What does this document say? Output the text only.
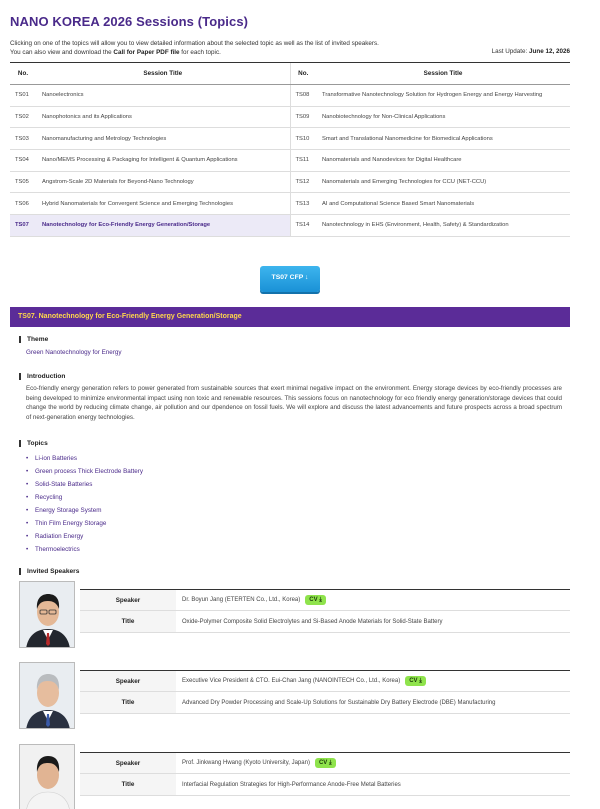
NANO KOREA 2026 Sessions (Topics)
Clicking on one of the topics will allow you to view detailed information about the selected topic as well as the list of invited speakers.
You can also view and download the Call for Paper PDF file for each topic.	Last Update: June 12, 2026
No.	Session Title	No.	Session Title
TS01	Nanoelectronics	TS08	Transformative Nanotechnology Solution for Hydrogen Energy and Energy Harvesting
TS02	Nanophotonics and its Applications	TS09	Nanobiotechnology for Non-Clinical Applications
TS03	Nanomanufacturing and Metrology Technologies	TS10	Smart and Translational Nanomedicine for Biomedical Applications
TS04	Nano/MEMS Processing & Packaging for Intelligent & Quantum Applications	TS11	Nanomaterials and Nanodevices for Digital Healthcare
TS05	Angstrom-Scale 2D Materials for Beyond-Nano Technology	TS12	Nanomaterials and Emerging Technologies for CCU (NET-CCU)
TS06	Hybrid Nanomaterials for Convergent Science and Emerging Technologies	TS13	AI and Computational Science Based Smart Nanomaterials
TS07	Nanotechnology for Eco-Friendly Energy Generation/Storage	TS14	Nanotechnology in EHS (Environment, Health, Safety) & Standardization
TS07 CFP ↓
TS07. Nanotechnology for Eco-Friendly Energy Generation/Storage
Theme
Green Nanotechnology for Energy
Introduction
Eco-friendly energy generation refers to power generated from sustainable sources that exert minimal negative impact on the environment. Energy storage devices by eco-friendly processes are being developed to minimize environmental impact using non toxic and renewable resources. This sessions focus on nanotechnology for eco friendly energy generation/storage devices that could change the world by reducing climate change, air pollution and our dpendence on fossil fuels. We will explore and discuss the latest advancements and future prospects across a broad spectrum of next-generation energy technologies.
Topics
• Li-ion Batteries
• Green process Thick Electrode Battery
• Solid-State Batteries
• Recycling
• Energy Storage System
• Thin Film Energy Storage
• Radiation Energy
• Thermoelectrics
Invited Speakers
Speaker	Dr. Boyun Jang (ETERTEN Co., Ltd., Korea)	CV ⤓
Title	Oxide-Polymer Composite Solid Electrolytes and Si-Based Anode Materials for Solid-State Battery
Speaker	Executive Vice President & CTO. Eui-Chan Jang (NANOINTECH Co., Ltd., Korea)	CV ⤓
Title	Advanced Dry Powder Processing and Scale-Up Solutions for Sustainable Dry Battery Electrode (DBE) Manufacturing
Speaker	Prof. Jinkwang Hwang (Kyoto University, Japan)	CV ⤓
Title	Interfacial Regulation Strategies for High-Performance Anode-Free Metal Batteries
